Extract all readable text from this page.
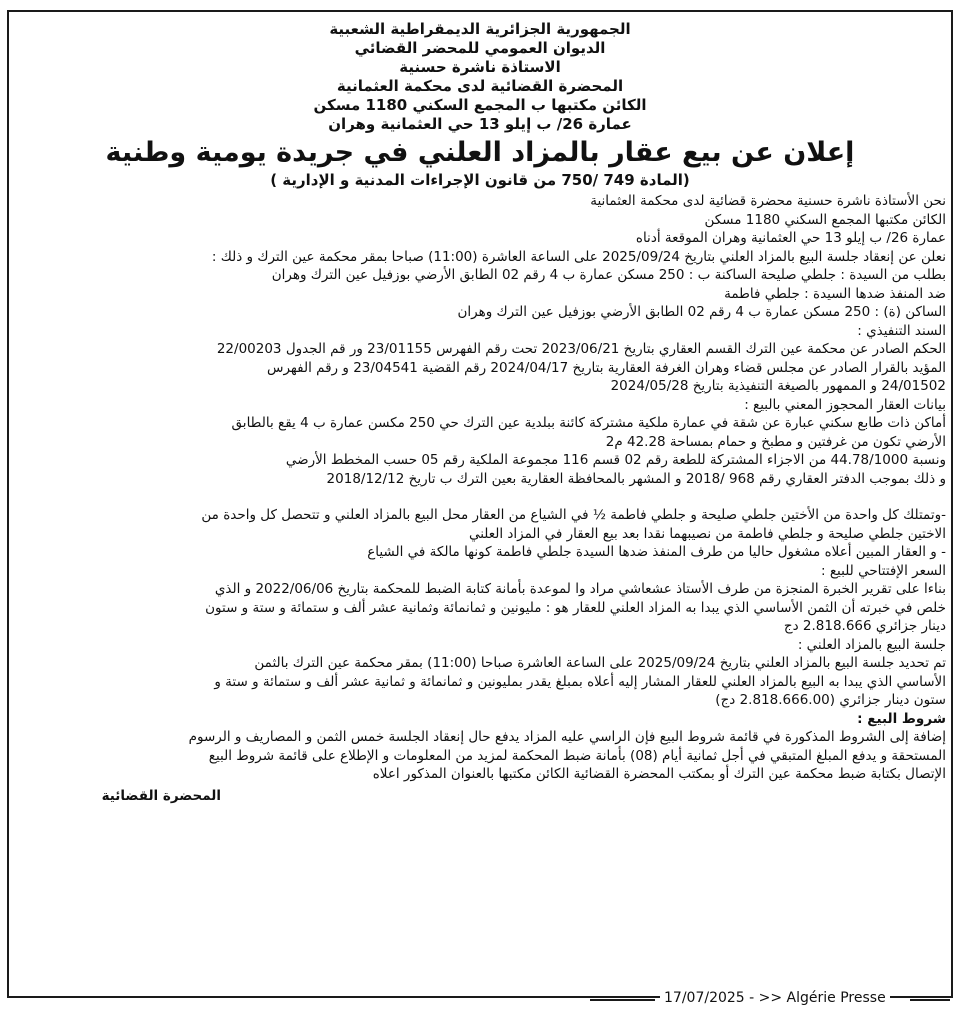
الجمهورية الجزائرية الديمقراطية الشعبية
الديوان العمومي للمحضر القضائي
الاستاذة ناشرة حسنية
المحضرة القضائية لدى محكمة العثمانية
الكائن مكتبها ب المجمع السكني 1180 مسكن
عمارة 26/ ب إيلو 13 حي العثمانية وهران
إعلان عن بيع عقار بالمزاد العلني في جريدة يومية وطنية
(المادة 749 /750 من قانون الإجراءات المدنية و الإدارية )

نحن الأستاذة ناشرة حسنية محضرة قضائية لدى محكمة العثمانية

الكائن مكتبها المجمع السكني 1180 مسكن

عمارة 26/ ب إيلو 13 حي العثمانية وهران الموقعة أدناه

نعلن عن إنعقاد جلسة البيع بالمزاد العلني بتاريخ 2025/09/24 على الساعة العاشرة (11:00) صباحا بمقر محكمة عين الترك و ذلك :

بطلب من السيدة : جلطي صليحة الساكنة ب : 250 مسكن عمارة ب 4 رقم 02 الطابق الأرضي بوزفيل عين الترك وهران

ضد المنفذ ضدها السيدة : جلطي فاطمة

الساكن (ة) : 250 مسكن عمارة ب 4 رقم 02 الطابق الأرضي بوزفيل عين الترك وهران

السند التنفيذي :

الحكم الصادر عن محكمة عين الترك القسم العقاري بتاريخ 2023/06/21 تحت رقم الفهرس 23/01155 ور قم الجدول 22/00203

المؤيد بالقرار الصادر عن مجلس قضاء وهران الغرفة العقارية بتاريخ 2024/04/17 رقم القضية 23/04541 و رقم الفهرس

24/01502 و الممهور بالصيغة التنفيذية بتاريخ 2024/05/28

بيانات العقار المحجوز المعني بالبيع :

أماكن ذات طابع سكني عبارة عن شقة في عمارة ملكية مشتركة كائنة ببلدية عين الترك حي 250 مكسن عمارة ب 4 يقع بالطابق

الأرضي تكون من غرفتين و مطبخ و حمام بمساحة 42.28 م2

ونسبة 44.78/1000 من الاجزاء المشتركة للطعة رقم 02 قسم 116 مجموعة الملكية رقم 05 حسب المخطط الأرضي

و ذلك بموجب الدفتر العقاري رقم 968 /2018 و المشهر بالمحافظة العقارية بعين الترك ب تاريخ 2018/12/12

-وتمتلك كل واحدة من الأختين جلطي صليحة و جلطي فاطمة ½ في الشياع من العقار محل البيع بالمزاد العلني و تتحصل كل واحدة من

الاختين جلطي صليحة و جلطي فاطمة من نصيبهما نقدا بعد بيع العقار في المزاد العلني

- و العقار المبين أعلاه مشغول حاليا من طرف المنفذ ضدها السيدة جلطي فاطمة كونها مالكة في الشياع

السعر الإفتتاحي للبيع :

بناءا على تقرير الخبرة المنجزة من طرف الأستاذ عشعاشي مراد وا لموعدة بأمانة كتابة الضبط للمحكمة بتاريخ 2022/06/06 و الذي

خلص في خبرته أن الثمن الأساسي الذي يبدا به المزاد العلني للعقار هو : مليونين و ثمانمائة وثمانية عشر ألف و ستمائة و ستة و ستون

دينار جزائري 2.818.666 دج

جلسة البيع بالمزاد العلني :

تم تحديد جلسة البيع بالمزاد العلني بتاريخ 2025/09/24 على الساعة العاشرة صباحا (11:00) بمقر محكمة عين الترك بالثمن

الأساسي الذي يبدا به البيع بالمزاد العلني للعقار المشار إليه أعلاه بمبلغ يقدر بمليونين و ثمانمائة و ثمانية عشر ألف و ستمائة و ستة و

ستون دينار جزائري (2.818.666.00 دج)

شروط البيع :

إضافة إلى الشروط المذكورة في قائمة شروط البيع فإن الراسي عليه المزاد يدفع حال إنعقاد الجلسة خمس الثمن و المصاريف و الرسوم

المستحقة و يدفع المبلغ المتبقي في أجل ثمانية أيام (08) بأمانة ضبط المحكمة لمزيد من المعلومات و الإطلاع على قائمة شروط البيع

الإتصال بكتابة ضبط محكمة عين الترك أو بمكتب المحضرة القضائية الكائن مكتبها بالعنوان المذكور اعلاه

المحضرة القضائية

17/07/2025 - >> Algérie Presse
